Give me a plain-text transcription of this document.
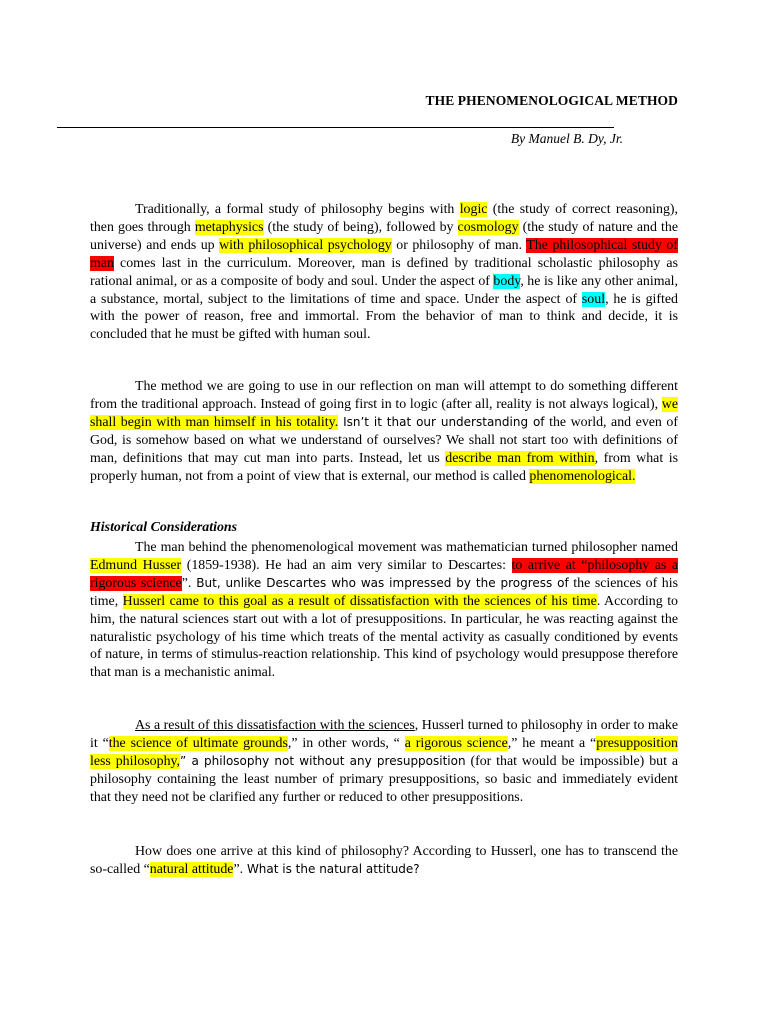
THE PHENOMENOLOGICAL METHOD
By Manuel B. Dy, Jr.

Traditionally, a formal study of philosophy begins with logic (the study of correct reasoning), then goes through metaphysics (the study of being), followed by cosmology (the study of nature and the universe) and ends up with philosophical psychology or philosophy of man. The philosophical study of man comes last in the curriculum. Moreover, man is defined by traditional scholastic philosophy as rational animal, or as a composite of body and soul. Under the aspect of body, he is like any other animal, a substance, mortal, subject to the limitations of time and space. Under the aspect of soul, he is gifted with the power of reason, free and immortal. From the behavior of man to think and decide, it is concluded that he must be gifted with human soul.

The method we are going to use in our reflection on man will attempt to do something different from the traditional approach. Instead of going first in to logic (after all, reality is not always logical), we shall begin with man himself in his totality. Isn’t it that our understanding of the world, and even of God, is somehow based on what we understand of ourselves? We shall not start too with definitions of man, definitions that may cut man into parts. Instead, let us describe man from within, from what is properly human, not from a point of view that is external, our method is called phenomenological.

Historical Considerations

The man behind the phenomenological movement was mathematician turned philosopher named Edmund Husser (1859-1938). He had an aim very similar to Descartes: to arrive at “philosophy as a rigorous science”. But, unlike Descartes who was impressed by the progress of the sciences of his time, Husserl came to this goal as a result of dissatisfaction with the sciences of his time. According to him, the natural sciences start out with a lot of presuppositions. In particular, he was reacting against the naturalistic psychology of his time which treats of the mental activity as casually conditioned by events of nature, in terms of stimulus-reaction relationship. This kind of psychology would presuppose therefore that man is a mechanistic animal.

As a result of this dissatisfaction with the sciences, Husserl turned to philosophy in order to make it “the science of ultimate grounds,” in other words, “ a rigorous science,” he meant a “presupposition less philosophy,” a philosophy not without any presupposition (for that would be impossible) but a philosophy containing the least number of primary presuppositions, so basic and immediately evident that they need not be clarified any further or reduced to other presuppositions.

How does one arrive at this kind of philosophy? According to Husserl, one has to transcend the so-called “natural attitude”. What is the natural attitude?
